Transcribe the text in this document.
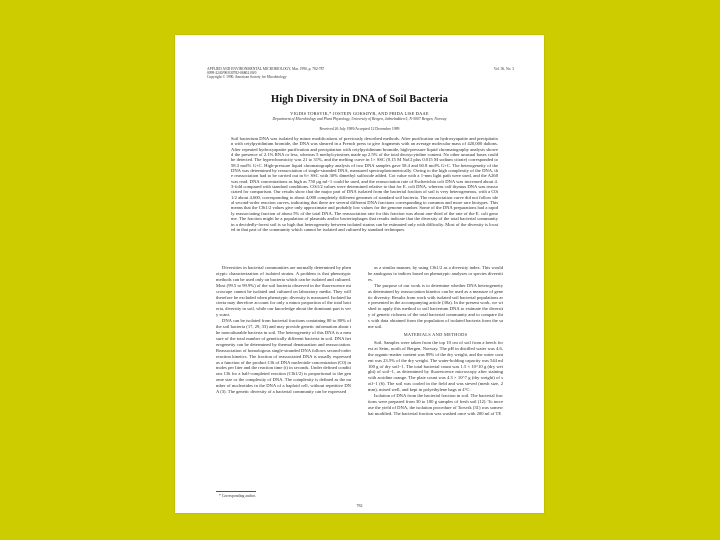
APPLIED AND ENVIRONMENTAL MICROBIOLOGY, Mar. 1990, p. 782-787
0099-2240/90/030782-06$02.00/0
Copyright © 1990, American Society for Microbiology
Vol. 56, No. 3
High Diversity in DNA of Soil Bacteria
VIGDIS TORSVIK,* JOSTEIN GOKSØYR, AND FRIDA LISE DAAE
Department of Microbiology and Plant Physiology, University of Bergen, Jahnebakken 5, N-5007 Bergen, Norway
Received 26 July 1989/Accepted 12 December 1989
Soil bacterium DNA was isolated by minor modifications of previously described methods. After purification on hydroxyapatite and precipitation with cetylpyridinium bromide, the DNA was sheared in a French press to give fragments with an average molecular mass of 420,000 daltons. After repeated hydroxyapatite purification and precipitation with cetylpyridinium bromide, high-pressure liquid chromatography analysis showed the presence of 2.1% RNA or less, whereas 5 methylcytosines made up 2.5% of the total deoxycytidine content. No other unusual bases could be detected. The hyperchromicity was 21 to 31%, and the melting curve in 1× SSC (0.15 M NaCl plus 0.015 M sodium citrate) corresponded to 58.3 mol% G+C. High-pressure liquid chromatography analysis of two DNA samples gave 58.4 and 60.8 mol% G+C. The heterogeneity of the DNA was determined by reassociation of single-stranded DNA, measured spectrophotometrically. Owing to the high complexity of the DNA, the reassociation had to be carried out in 6× SSC with 30% dimethyl sulfoxide added. Cot value with a 1-mm light path were used, and the A260 was read. DNA concentrations as high as 750 µg ml−1 could be used, and the reassociation rate of Escherichia coli DNA was increased about 4.3-fold compared with standard conditions. C0t1/2 values were determined relative to that for E. coli DNA, whereas calf thymus DNA was reassociated for comparison. Our results show that the major part of DNA isolated from the bacterial fraction of soil is very heterogeneous, with a C0t1/2 about 4,600, corresponding to about 4,000 completely different genomes of standard soil bacteria. The reassociation curve did not follow ideal second-order reaction curves, indicating that there are several different DNA fractions corresponding to common and more rare biotypes. This means that the C0t1/2 values give only approximate and probably low values for the genome number. Some of the DNA preparations had a rapidly reassociating fraction of about 5% of the total DNA. The reassociation rate for this fraction was about one-third of the rate of the E. coli genome. The fraction might be a population of plasmids and/or bacteriophages that results indicate that the diversity of the total bacterial community in a decidedly-forest soil is so high that heterogeneity between isolated strains can be estimated only with difficulty. Most of the diversity is located in that part of the community which cannot be isolated and cultured by standard techniques.

Diversities in bacterial communities are normally determined by phenotypic characterization of isolated strains. A problem is that phenotypic methods can be used only on bacteria which can be isolated and cultured. Most (99.5 to 99.9%) of the soil bacteria observed in the fluorescence microscope cannot be isolated and cultured on laboratory media. They will therefore be excluded when phenotypic diversity is measured. Isolated bacteria may therefore account for only a minor proportion of the total bacteria, diversity in soil, while our knowledge about the dominant part is very scant.

DNA can be isolated from bacterial fractions containing 80 to 80% of the soil bacteria (17, 29, 33) and may provide genetic information about the nonculturable bacteria in soil. The heterogeneity of this DNA is a measure of the total number of genetically different bacteria in soil. DNA heterogeneity can be determined by thermal denaturation and reassociation. Reassociation of homologous single-stranded DNA follows second-order reaction kinetics. The fraction of reassociated DNA is usually expressed as a function of the product C0t of DNA nucleotide concentration (C0) in moles per liter and the reaction time (t) in seconds. Under defined conditions C0t for a half-completed reaction (C0t1/2) is proportional to the genome size or the complexity of DNA. The complexity is defined as the number of nucleotides in the DNA of a haploid cell, without repetitive DNA (3). The genetic diversity of a bacterial community can be expressed

as a similar manner, by using C0t1/2 as a diversity index. This would be analogous to indices based on phenotypic analyses or species diversities.

The purpose of our work is to determine whether DNA heterogeneity as determined by reassociation kinetics can be used as a measure of genetic diversity. Results from work with isolated soil bacterial populations are presented in the accompanying article (30a). In the present work, we wished to apply this method to soil bacterium DNA to estimate the diversity of genetic richness of the total bacterial community and to compare this with data obtained from the population of isolated bacteria from the same soil.

MATERIALS AND METHODS

Soil. Samples were taken from the top 10 cm of soil from a beech forest at Seim, north of Bergen, Norway. The pH in distilled water was 4.6, the organic-matter content was 89% of the dry weight, and the water content was 23.5% of the dry weight. The water-holding capacity was 544 ml 100 g of dry soil−1. The total bacterial count was 1.5 × 10^10 g (dry weight) of soil−1, as determined by fluorescence microscopy after staining with acridine orange. The plate count was 4.3 × 10^7 g (dry weight) of soil−1 (6). The soil was cooled in the field and was sieved (mesh size, 2 mm), mixed well, and kept in polyethylene bags at 4°C.

Isolation of DNA from the bacterial fraction in soil. The bacterial fractions were prepared from 30 to 100 g samples of fresh soil (12). To increase the yield of DNA, the isolation procedure of Torsvik (31) was somewhat modified. The bacterial fraction was washed once with 200 ml of TE

* Corresponding author.
782
